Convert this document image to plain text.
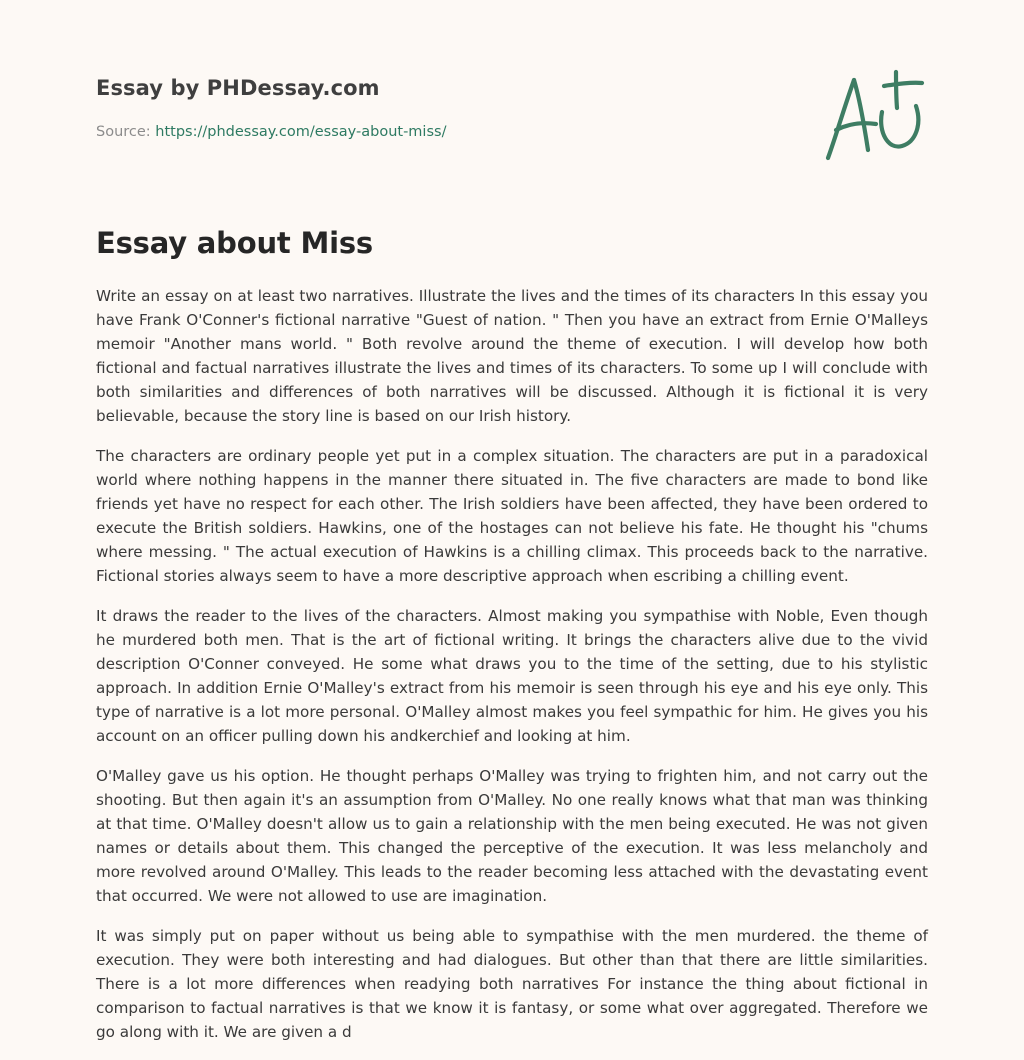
Essay by PHDessay.com

Source: https://phdessay.com/essay-about-miss/

Essay about Miss

Write an essay on at least two narratives. Illustrate the lives and the times of its characters In this essay you have Frank O'Conner's fictional narrative "Guest of nation. " Then you have an extract from Ernie O'Malleys memoir "Another mans world. " Both revolve around the theme of execution. I will develop how both fictional and factual narratives illustrate the lives and times of its characters. To some up I will conclude with both similarities and differences of both narratives will be discussed. Although it is fictional it is very believable, because the story line is based on our Irish history.

The characters are ordinary people yet put in a complex situation. The characters are put in a paradoxical world where nothing happens in the manner there situated in. The five characters are made to bond like friends yet have no respect for each other. The Irish soldiers have been affected, they have been ordered to execute the British soldiers. Hawkins, one of the hostages can not believe his fate. He thought his "chums where messing. " The actual execution of Hawkins is a chilling climax. This proceeds back to the narrative. Fictional stories always seem to have a more descriptive approach when escribing a chilling event.

It draws the reader to the lives of the characters. Almost making you sympathise with Noble, Even though he murdered both men. That is the art of fictional writing. It brings the characters alive due to the vivid description O'Conner conveyed. He some what draws you to the time of the setting, due to his stylistic approach. In addition Ernie O'Malley's extract from his memoir is seen through his eye and his eye only. This type of narrative is a lot more personal. O'Malley almost makes you feel sympathic for him. He gives you his account on an officer pulling down his andkerchief and looking at him.

O'Malley gave us his option. He thought perhaps O'Malley was trying to frighten him, and not carry out the shooting. But then again it's an assumption from O'Malley. No one really knows what that man was thinking at that time. O'Malley doesn't allow us to gain a relationship with the men being executed. He was not given names or details about them. This changed the perceptive of the execution. It was less melancholy and more revolved around O'Malley. This leads to the reader becoming less attached with the devastating event that occurred. We were not allowed to use are imagination.

It was simply put on paper without us being able to sympathise with the men murdered. the theme of execution. They were both interesting and had dialogues. But other than that there are little similarities. There is a lot more differences when readying both narratives For instance the thing about fictional in comparison to factual narratives is that we know it is fantasy, or some what over aggregated. Therefore we go along with it. We are given a d
